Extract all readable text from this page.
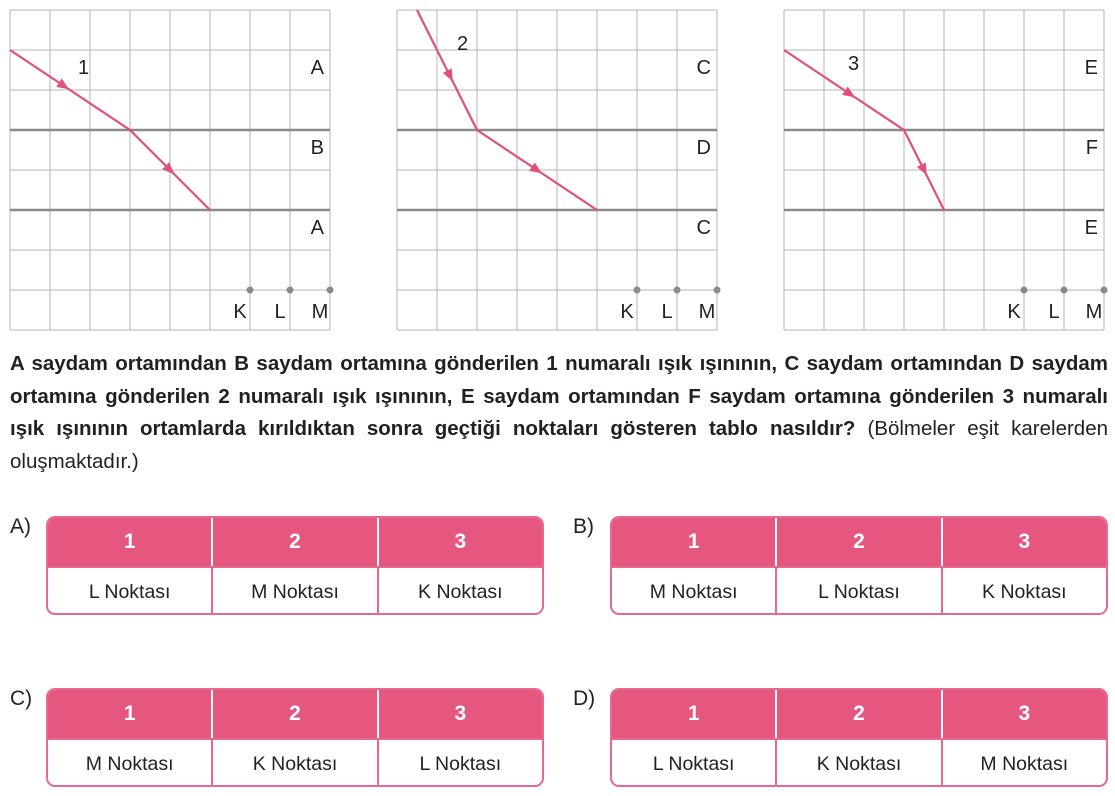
A
B
A
K L M
1	C
D
C
K L M
2
E
F
E
K L M
3
A saydam ortamından B saydam ortamına gönderilen 1 numaralı ışık ışınının, C saydam ortamından D saydam ortamına gönderilen 2 numaralı ışık ışınının, E saydam ortamından F saydam ortamına gönderilen 3 numaralı ışık ışınının ortamlarda kırıldıktan sonra geçtiği noktaları gösteren tablo nasıldır? (Bölmeler eşit karelerden oluşmaktadır.)
A)
1	2	3
L Noktası	M Noktası	K Noktası
B)
1	2	3
M Noktası	L Noktası	K Noktası
C)
1	2	3
M Noktası	K Noktası	L Noktası
D)
1	2	3
L Noktası	K Noktası	M Noktası
